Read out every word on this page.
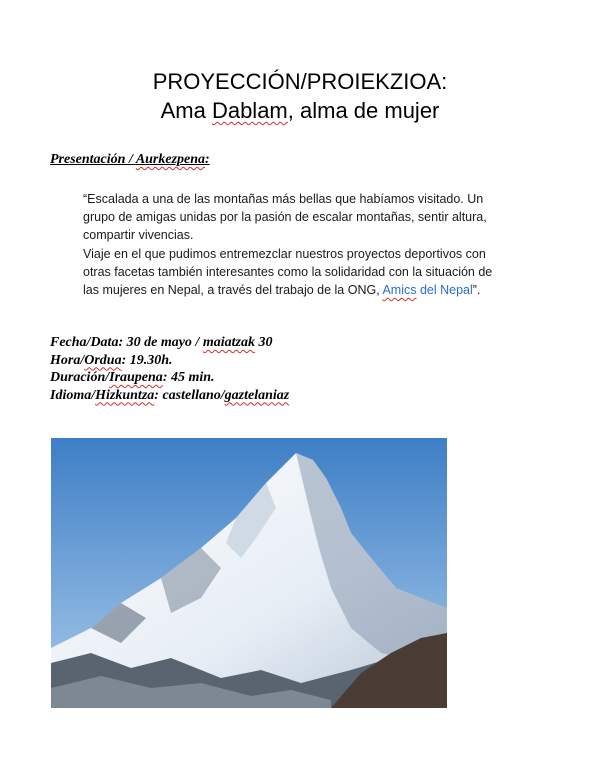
PROYECCIÓN/PROIEKZIOA:
Ama Dablam, alma de mujer
Presentación / Aurkezpena:

“Escalada a una de las montañas más bellas que habíamos visitado. Un grupo de amigas unidas por la pasión de escalar montañas, sentir altura, compartir vivencias.

Viaje en el que pudimos entremezclar nuestros proyectos deportivos con otras facetas también interesantes como la solidaridad con la situación de las mujeres en Nepal, a través del trabajo de la ONG, Amics del Nepal”.

Fecha/Data: 30 de mayo / maiatzak 30
Hora/Ordua: 19.30h.
Duración/Iraupena: 45 min.
Idioma/Hizkuntza: castellano/gaztelaniaz
